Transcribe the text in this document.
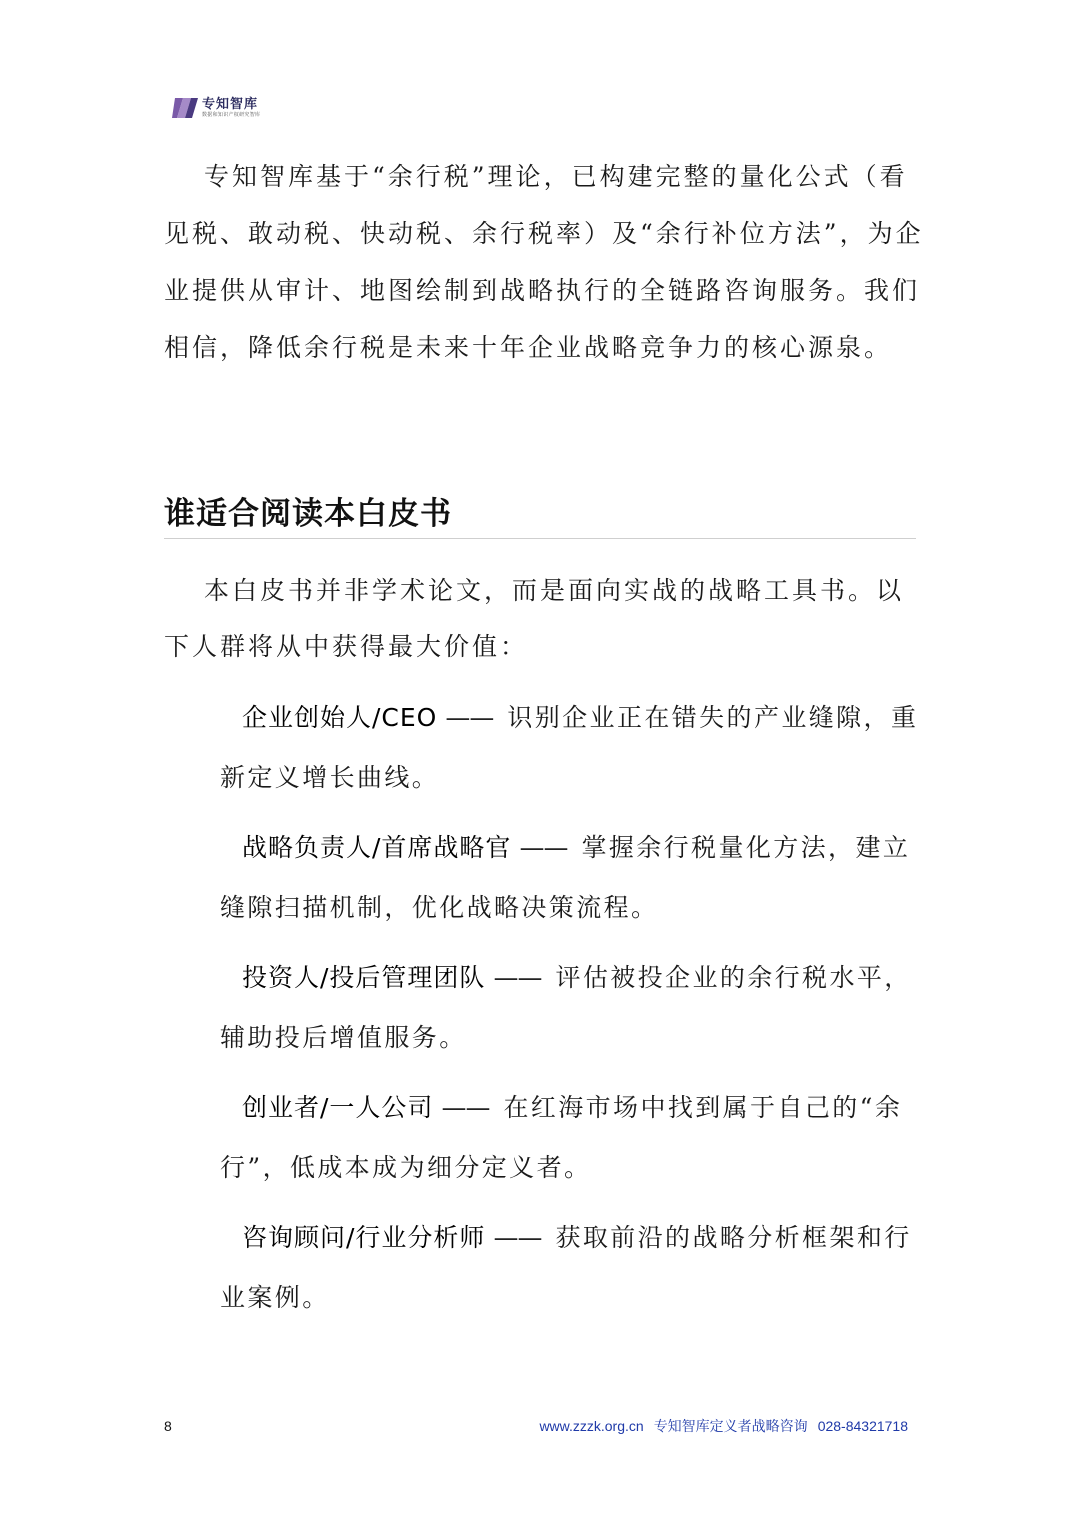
专知智库
数据和知识产权研究智库

专知智库基于“余行税”理论，已构建完整的量化公式（看见税、敢动税、快动税、余行税率）及“余行补位方法”，为企业提供从审计、地图绘制到战略执行的全链路咨询服务。我们相信，降低余行税是未来十年企业战略竞争力的核心源泉。

谁适合阅读本白皮书

本白皮书并非学术论文，而是面向实战的战略工具书。以下人群将从中获得最大价值：

企业创始人/CEO —— 识别企业正在错失的产业缝隙，重新定义增长曲线。
战略负责人/首席战略官 —— 掌握余行税量化方法，建立缝隙扫描机制，优化战略决策流程。
投资人/投后管理团队 —— 评估被投企业的余行税水平，辅助投后增值服务。
创业者/一人公司 —— 在红海市场中找到属于自己的“余行”，低成本成为细分定义者。
咨询顾问/行业分析师 —— 获取前沿的战略分析框架和行业案例。
8	www.zzzk.org.cn 专知智库定义者战略咨询 028-84321718
